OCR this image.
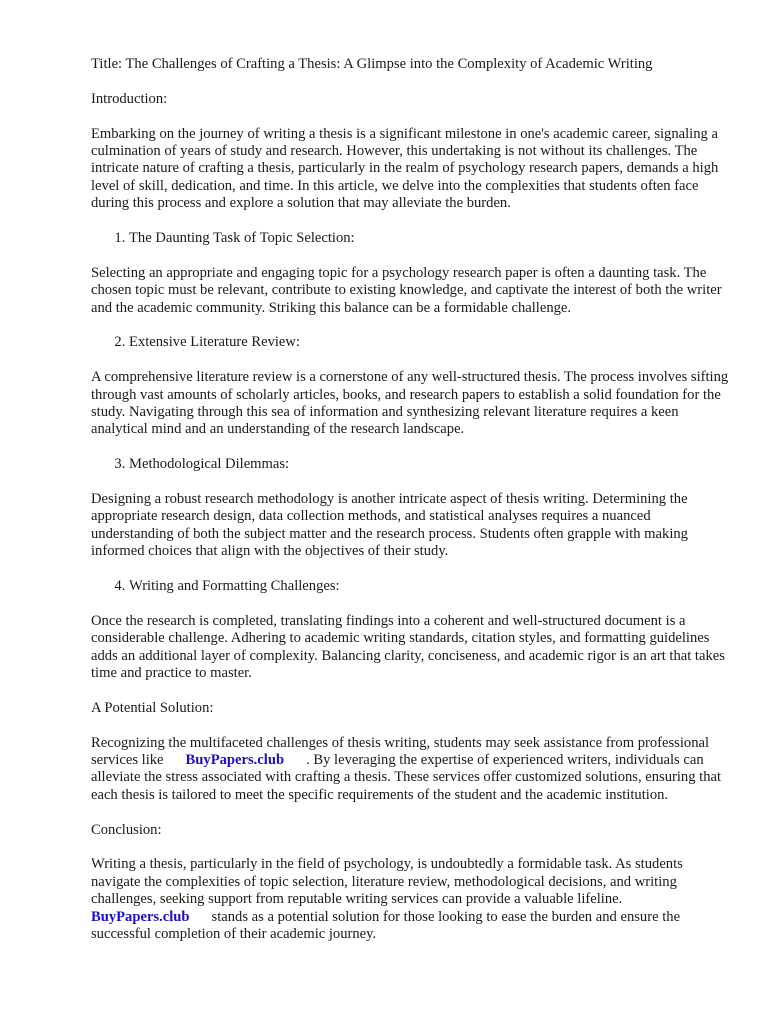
Title: The Challenges of Crafting a Thesis: A Glimpse into the Complexity of Academic Writing

Introduction:

Embarking on the journey of writing a thesis is a significant milestone in one's academic career, signaling a culmination of years of study and research. However, this undertaking is not without its challenges. The intricate nature of crafting a thesis, particularly in the realm of psychology research papers, demands a high level of skill, dedication, and time. In this article, we delve into the complexities that students often face during this process and explore a solution that may alleviate the burden.

1. The Daunting Task of Topic Selection:

Selecting an appropriate and engaging topic for a psychology research paper is often a daunting task. The chosen topic must be relevant, contribute to existing knowledge, and captivate the interest of both the writer and the academic community. Striking this balance can be a formidable challenge.

2. Extensive Literature Review:

A comprehensive literature review is a cornerstone of any well-structured thesis. The process involves sifting through vast amounts of scholarly articles, books, and research papers to establish a solid foundation for the study. Navigating through this sea of information and synthesizing relevant literature requires a keen analytical mind and an understanding of the research landscape.

3. Methodological Dilemmas:

Designing a robust research methodology is another intricate aspect of thesis writing. Determining the appropriate research design, data collection methods, and statistical analyses requires a nuanced understanding of both the subject matter and the research process. Students often grapple with making informed choices that align with the objectives of their study.

4. Writing and Formatting Challenges:

Once the research is completed, translating findings into a coherent and well-structured document is a considerable challenge. Adhering to academic writing standards, citation styles, and formatting guidelines adds an additional layer of complexity. Balancing clarity, conciseness, and academic rigor is an art that takes time and practice to master.

A Potential Solution:

Recognizing the multifaceted challenges of thesis writing, students may seek assistance from professional services like BuyPapers.club . By leveraging the expertise of experienced writers, individuals can alleviate the stress associated with crafting a thesis. These services offer customized solutions, ensuring that each thesis is tailored to meet the specific requirements of the student and the academic institution.

Conclusion:

Writing a thesis, particularly in the field of psychology, is undoubtedly a formidable task. As students navigate the complexities of topic selection, literature review, methodological decisions, and writing challenges, seeking support from reputable writing services can provide a valuable lifeline. BuyPapers.club stands as a potential solution for those looking to ease the burden and ensure the successful completion of their academic journey.
